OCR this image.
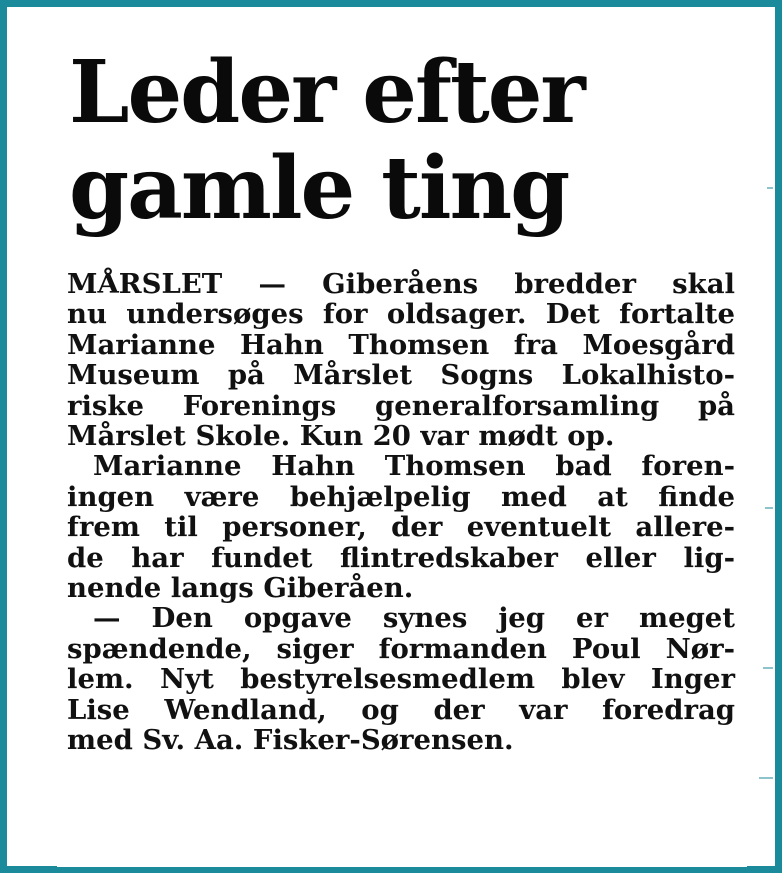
Leder efter
gamle ting
MÅRSLET — Giberåens bredder skal
nu undersøges for oldsager. Det fortalte
Marianne Hahn Thomsen fra Moesgård
Museum på Mårslet Sogns Lokalhisto-
riske Forenings generalforsamling på
Mårslet Skole. Kun 20 var mødt op.
Marianne Hahn Thomsen bad foren-
ingen være behjælpelig med at finde
frem til personer, der eventuelt allere-
de har fundet flintredskaber eller lig-
nende langs Giberåen.
— Den opgave synes jeg er meget
spændende, siger formanden Poul Nør-
lem. Nyt bestyrelsesmedlem blev Inger
Lise Wendland, og der var foredrag
med Sv. Aa. Fisker-Sørensen.
